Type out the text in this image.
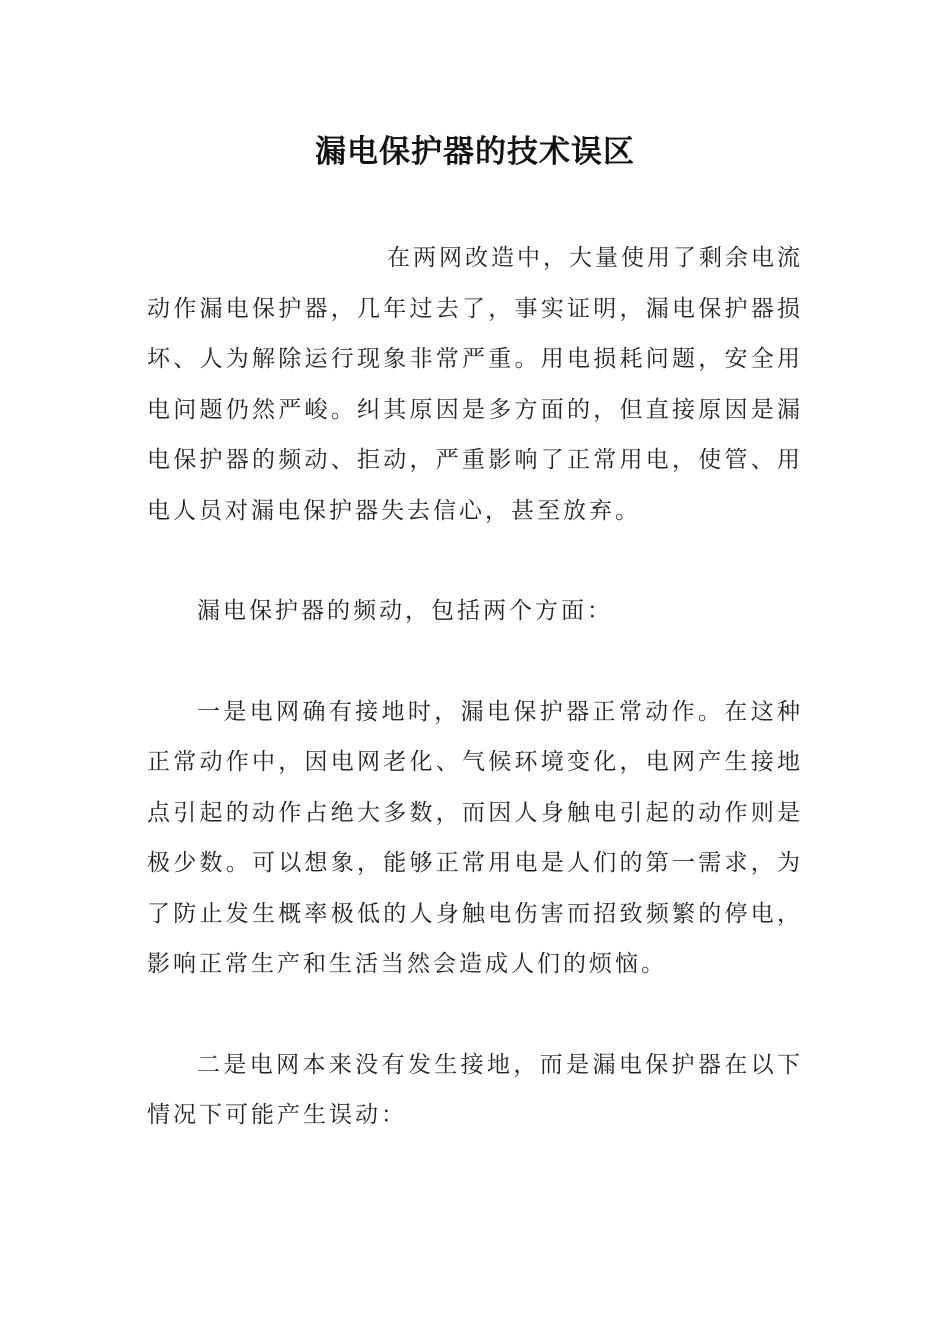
漏电保护器的技术误区

在两网改造中，大量使用了剩余电流动作漏电保护器，几年过去了，事实证明，漏电保护器损坏、人为解除运行现象非常严重。用电损耗问题，安全用电问题仍然严峻。纠其原因是多方面的，但直接原因是漏电保护器的频动、拒动，严重影响了正常用电，使管、用电人员对漏电保护器失去信心，甚至放弃。

漏电保护器的频动，包括两个方面：

一是电网确有接地时，漏电保护器正常动作。在这种正常动作中，因电网老化、气候环境变化，电网产生接地点引起的动作占绝大多数，而因人身触电引起的动作则是极少数。可以想象，能够正常用电是人们的第一需求，为了防止发生概率极低的人身触电伤害而招致频繁的停电，影响正常生产和生活当然会造成人们的烦恼。

二是电网本来没有发生接地，而是漏电保护器在以下情况下可能产生误动：
